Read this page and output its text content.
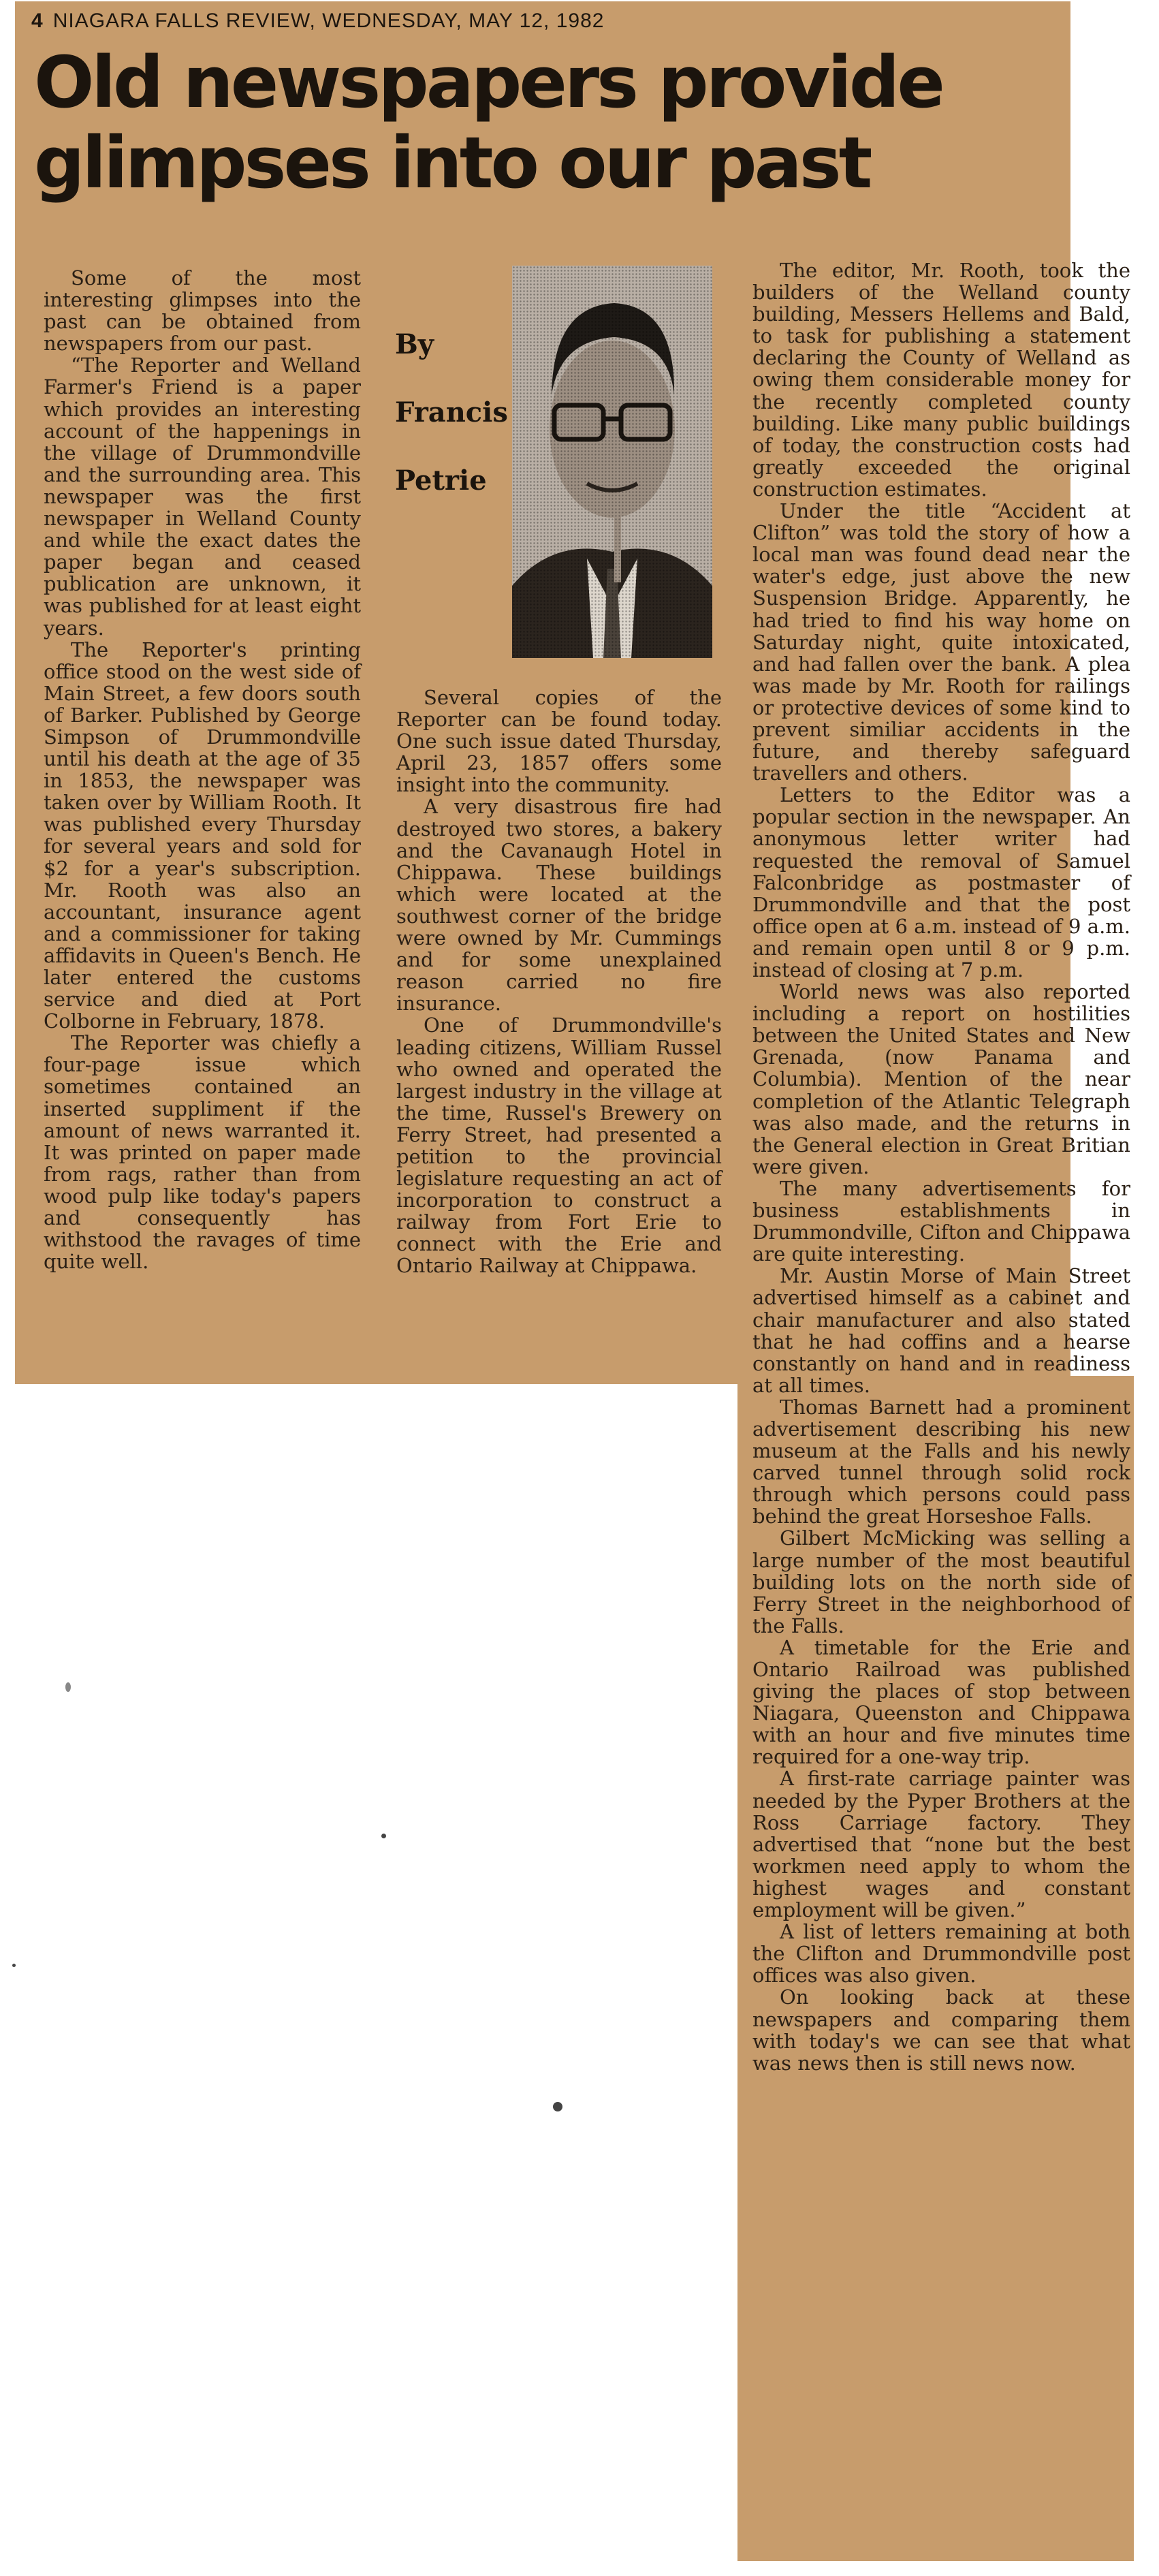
4 NIAGARA FALLS REVIEW, WEDNESDAY, MAY 12, 1982
Old newspapers provide glimpses into our past

Some of the most interesting glimpses into the past can be obtained from newspapers from our past.

“The Reporter and Welland Farmer's Friend is a paper which provides an interesting account of the happenings in the village of Drummondville and the surrounding area. This newspaper was the first newspaper in Welland County and while the exact dates the paper began and ceased publication are unknown, it was published for at least eight years.

The Reporter's printing office stood on the west side of Main Street, a few doors south of Barker. Published by George Simpson of Drummondville until his death at the age of 35 in 1853, the newspaper was taken over by William Rooth. It was published every Thursday for several years and sold for $2 for a year's subscription. Mr. Rooth was also an accountant, insurance agent and a commissioner for taking affidavits in Queen's Bench. He later entered the customs service and died at Port Colborne in February, 1878.

The Reporter was chiefly a four-page issue which sometimes contained an inserted suppliment if the amount of news warranted it. It was printed on paper made from rags, rather than from wood pulp like today's papers and consequently has withstood the ravages of time quite well.

By
Francis
Petrie

Several copies of the Reporter can be found today. One such issue dated Thursday, April 23, 1857 offers some insight into the community.

A very disastrous fire had destroyed two stores, a bakery and the Cavanaugh Hotel in Chippawa. These buildings which were located at the southwest corner of the bridge were owned by Mr. Cummings and for some unexplained reason carried no fire insurance.

One of Drummondville's leading citizens, William Russel who owned and operated the largest industry in the village at the time, Russel's Brewery on Ferry Street, had presented a petition to the provincial legislature requesting an act of incorporation to construct a railway from Fort Erie to connect with the Erie and Ontario Railway at Chippawa.

The editor, Mr. Rooth, took the builders of the Welland county building, Messers Hellems and Bald, to task for publishing a statement declaring the County of Welland as owing them considerable money for the recently completed county building. Like many public buildings of today, the construction costs had greatly exceeded the original construction estimates.

Under the title “Accident at Clifton” was told the story of how a local man was found dead near the water's edge, just above the new Suspension Bridge. Apparently, he had tried to find his way home on Saturday night, quite intoxicated, and had fallen over the bank. A plea was made by Mr. Rooth for railings or protective devices of some kind to prevent similiar accidents in the future, and thereby safeguard travellers and others.

Letters to the Editor was a popular section in the newspaper. An anonymous letter writer had requested the removal of Samuel Falconbridge as postmaster of Drummondville and that the post office open at 6 a.m. instead of 9 a.m. and remain open until 8 or 9 p.m. instead of closing at 7 p.m.

World news was also reported including a report on hostilities between the United States and New Grenada, (now Panama and Columbia). Mention of the near completion of the Atlantic Telegraph was also made, and the returns in the General election in Great Britian were given.

The many advertisements for business establishments in Drummondville, Cifton and Chippawa are quite interesting.

Mr. Austin Morse of Main Street advertised himself as a cabinet and chair manufacturer and also stated that he had coffins and a hearse constantly on hand and in readiness at all times.

Thomas Barnett had a prominent advertisement describing his new museum at the Falls and his newly carved tunnel through solid rock through which persons could pass behind the great Horseshoe Falls.

Gilbert McMicking was selling a large number of the most beautiful building lots on the north side of Ferry Street in the neighborhood of the Falls.

A timetable for the Erie and Ontario Railroad was published giving the places of stop between Niagara, Queenston and Chippawa with an hour and five minutes time required for a one-way trip.

A first-rate carriage painter was needed by the Pyper Brothers at the Ross Carriage factory. They advertised that “none but the best workmen need apply to whom the highest wages and constant employment will be given.”

A list of letters remaining at both the Clifton and Drummondville post offices was also given.

On looking back at these newspapers and comparing them with today's we can see that what was news then is still news now.
